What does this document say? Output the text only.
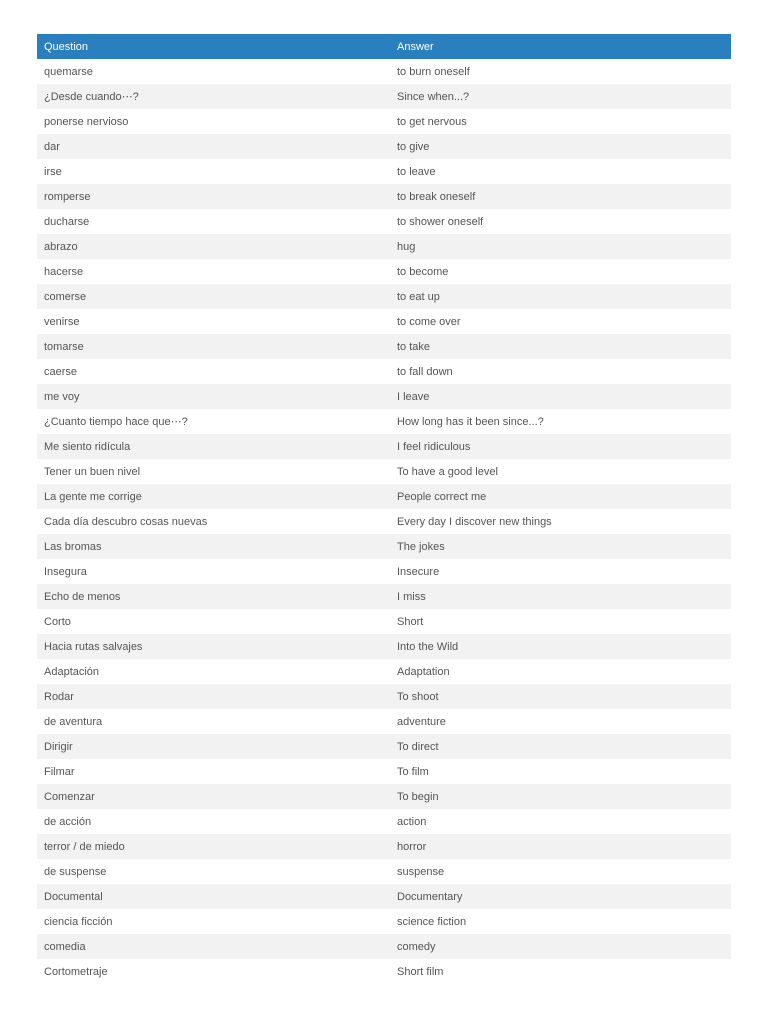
Question	Answer
quemarse	to burn oneself
¿Desde cuando⋯?	Since when...?
ponerse nervioso	to get nervous
dar	to give
irse	to leave
romperse	to break oneself
ducharse	to shower oneself
abrazo	hug
hacerse	to become
comerse	to eat up
venirse	to come over
tomarse	to take
caerse	to fall down
me voy	I leave
¿Cuanto tiempo hace que⋯?	How long has it been since...?
Me siento ridícula	I feel ridiculous
Tener un buen nivel	To have a good level
La gente me corrige	People correct me
Cada día descubro cosas nuevas	Every day I discover new things
Las bromas	The jokes
Insegura	Insecure
Echo de menos	I miss
Corto	Short
Hacia rutas salvajes	Into the Wild
Adaptación	Adaptation
Rodar	To shoot
de aventura	adventure
Dirigir	To direct
Filmar	To film
Comenzar	To begin
de acción	action
terror / de miedo	horror
de suspense	suspense
Documental	Documentary
ciencia ficción	science fiction
comedia	comedy
Cortometraje	Short film
